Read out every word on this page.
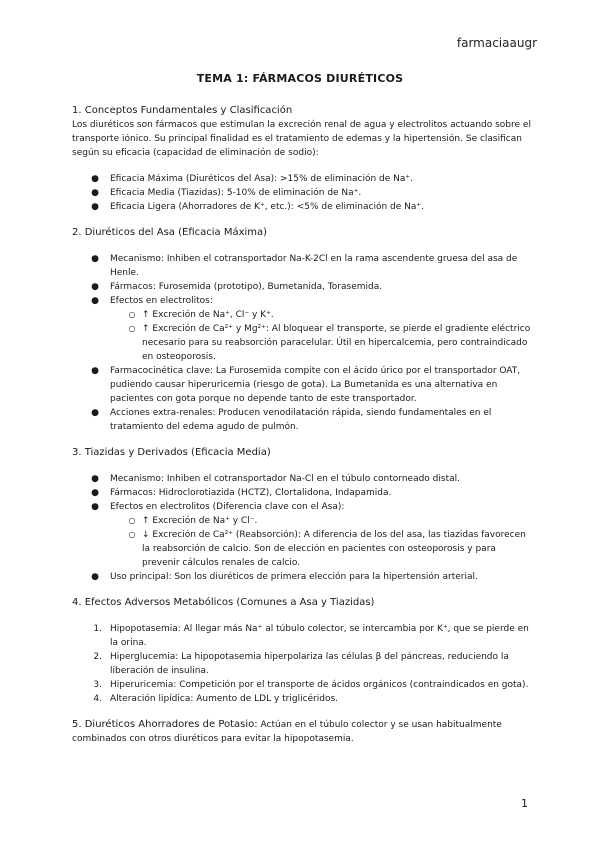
farmaciaaugr
TEMA 1: FÁRMACOS DIURÉTICOS
1. Conceptos Fundamentales y Clasificación
Los diuréticos son fármacos que estimulan la excreción renal de agua y electrolitos actuando sobre el transporte iónico. Su principal finalidad es el tratamiento de edemas y la hipertensión. Se clasifican según su eficacia (capacidad de eliminación de sodio):
● Eficacia Máxima (Diuréticos del Asa): >15% de eliminación de Na⁺.
● Eficacia Media (Tiazidas): 5-10% de eliminación de Na⁺.
● Eficacia Ligera (Ahorradores de K⁺, etc.): <5% de eliminación de Na⁺.
2. Diuréticos del Asa (Eficacia Máxima)
● Mecanismo: Inhiben el cotransportador Na-K-2Cl en la rama ascendente gruesa del asa de Henle.
● Fármacos: Furosemida (prototipo), Bumetanida, Torasemida.
● Efectos en electrolitos:
○ ↑ Excreción de Na⁺, Cl⁻ y K⁺.
○ ↑ Excreción de Ca²⁺ y Mg²⁺: Al bloquear el transporte, se pierde el gradiente eléctrico necesario para su reabsorción paracelular. Útil en hipercalcemia, pero contraindicado en osteoporosis.
● Farmacocinética clave: La Furosemida compite con el ácido úrico por el transportador OAT, pudiendo causar hiperuricemia (riesgo de gota). La Bumetanida es una alternativa en pacientes con gota porque no depende tanto de este transportador.
● Acciones extra-renales: Producen venodilatación rápida, siendo fundamentales en el tratamiento del edema agudo de pulmón.
3. Tiazidas y Derivados (Eficacia Media)
● Mecanismo: Inhiben el cotransportador Na-Cl en el túbulo contorneado distal.
● Fármacos: Hidroclorotiazida (HCTZ), Clortalidona, Indapamida.
● Efectos en electrolitos (Diferencia clave con el Asa):
○ ↑ Excreción de Na⁺ y Cl⁻.
○ ↓ Excreción de Ca²⁺ (Reabsorción): A diferencia de los del asa, las tiazidas favorecen la reabsorción de calcio. Son de elección en pacientes con osteoporosis y para prevenir cálculos renales de calcio.
● Uso principal: Son los diuréticos de primera elección para la hipertensión arterial.
4. Efectos Adversos Metabólicos (Comunes a Asa y Tiazidas)
1. Hipopotasemia: Al llegar más Na⁺ al túbulo colector, se intercambia por K⁺, que se pierde en la orina.
2. Hiperglucemia: La hipopotasemia hiperpolariza las células β del páncreas, reduciendo la liberación de insulina.
3. Hiperuricemia: Competición por el transporte de ácidos orgánicos (contraindicados en gota).
4. Alteración lipídica: Aumento de LDL y triglicéridos.
5. Diuréticos Ahorradores de Potasio: Actúan en el túbulo colector y se usan habitualmente combinados con otros diuréticos para evitar la hipopotasemia.
1
